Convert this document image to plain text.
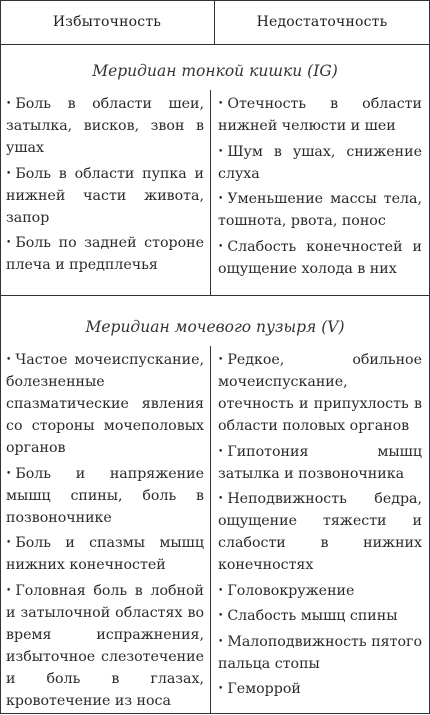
Избыточность	Недостаточность
Меридиан тонкой кишки (IG)
• Боль в области шеи, затылка, висков, звон в ушах
• Боль в области пупка и нижней части живота, запор
• Боль по задней стороне плеча и предплечья
• Отечность в области нижней челюсти и шеи
• Шум в ушах, снижение слуха
• Уменьшение массы тела, тошнота, рвота, понос
• Слабость конечностей и ощущение холода в них
Меридиан мочевого пузыря (V)
• Частое мочеиспускание, болезненные спазматические явления со стороны мочеполовых органов
• Боль и напряжение мышц спины, боль в позвоночнике
• Боль и спазмы мышц нижних конечностей
• Головная боль в лобной и затылочной областях во время испражнения, избыточное слезотечение и боль в глазах, кровотечение из носа
• Редкое, обильное мочеиспускание, отечность и припухлость в области половых органов
• Гипотония мышц затылка и позвоночника
• Неподвижность бедра, ощущение тяжести и слабости в нижних конечностях
• Головокружение
• Слабость мышц спины
• Малоподвижность пятого пальца стопы
• Геморрой
